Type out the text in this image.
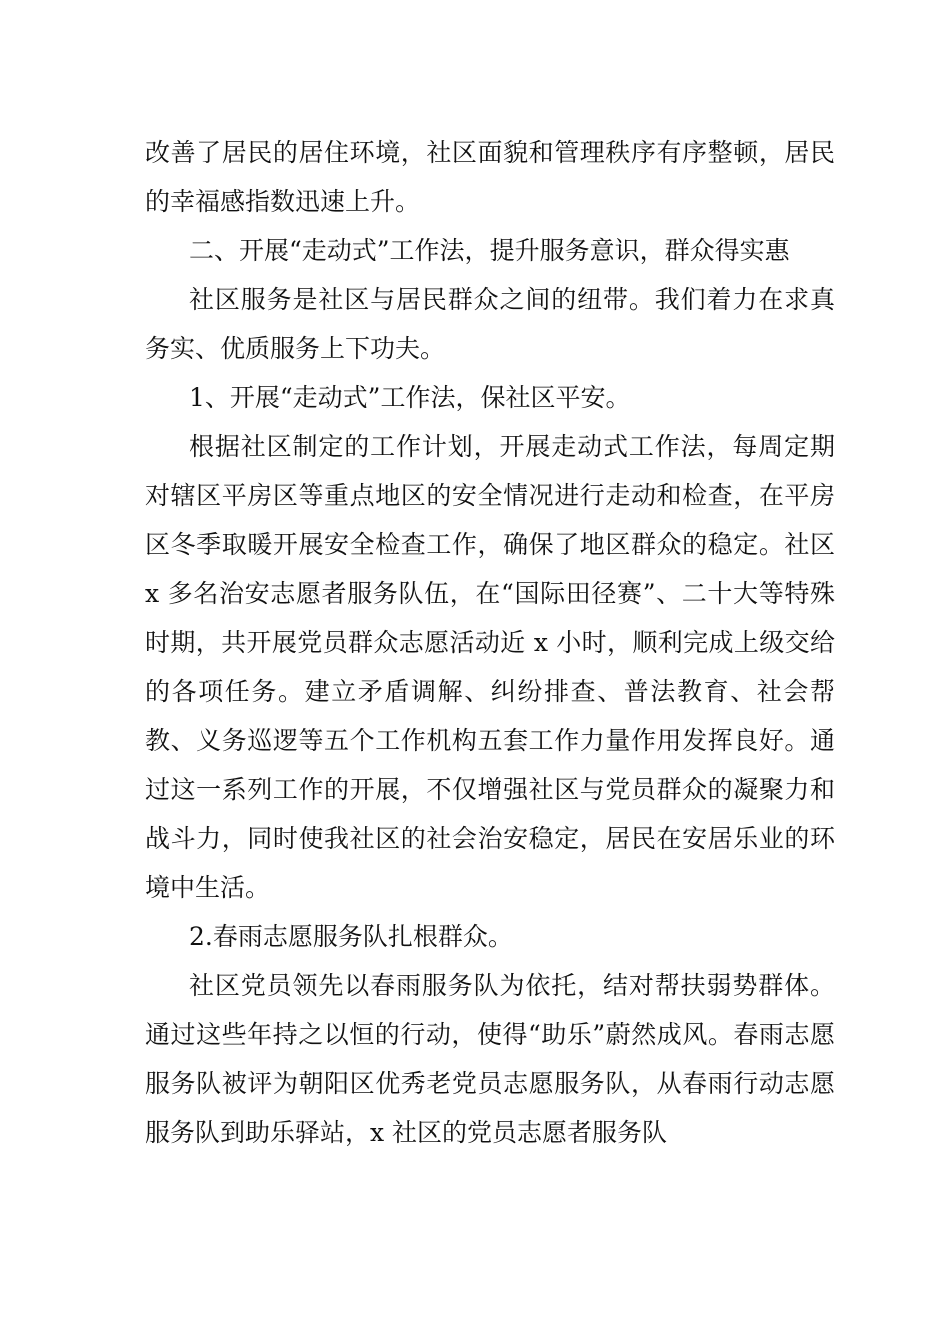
改善了居民的居住环境，社区面貌和管理秩序有序整顿，居民的幸福感指数迅速上升。

二、开展“走动式”工作法，提升服务意识，群众得实惠

社区服务是社区与居民群众之间的纽带。我们着力在求真务实、优质服务上下功夫。

1、开展“走动式”工作法，保社区平安。

根据社区制定的工作计划，开展走动式工作法，每周定期对辖区平房区等重点地区的安全情况进行走动和检查，在平房区冬季取暖开展安全检查工作，确保了地区群众的稳定。社区 x 多名治安志愿者服务队伍，在“国际田径赛”、二十大等特殊时期，共开展党员群众志愿活动近 x 小时，顺利完成上级交给的各项任务。建立矛盾调解、纠纷排查、普法教育、社会帮教、义务巡逻等五个工作机构五套工作力量作用发挥良好。通过这一系列工作的开展，不仅增强社区与党员群众的凝聚力和战斗力，同时使我社区的社会治安稳定，居民在安居乐业的环境中生活。

2.春雨志愿服务队扎根群众。

社区党员领先以春雨服务队为依托，结对帮扶弱势群体。通过这些年持之以恒的行动，使得“助乐”蔚然成风。春雨志愿服务队被评为朝阳区优秀老党员志愿服务队，从春雨行动志愿服务队到助乐驿站，x 社区的党员志愿者服务队
